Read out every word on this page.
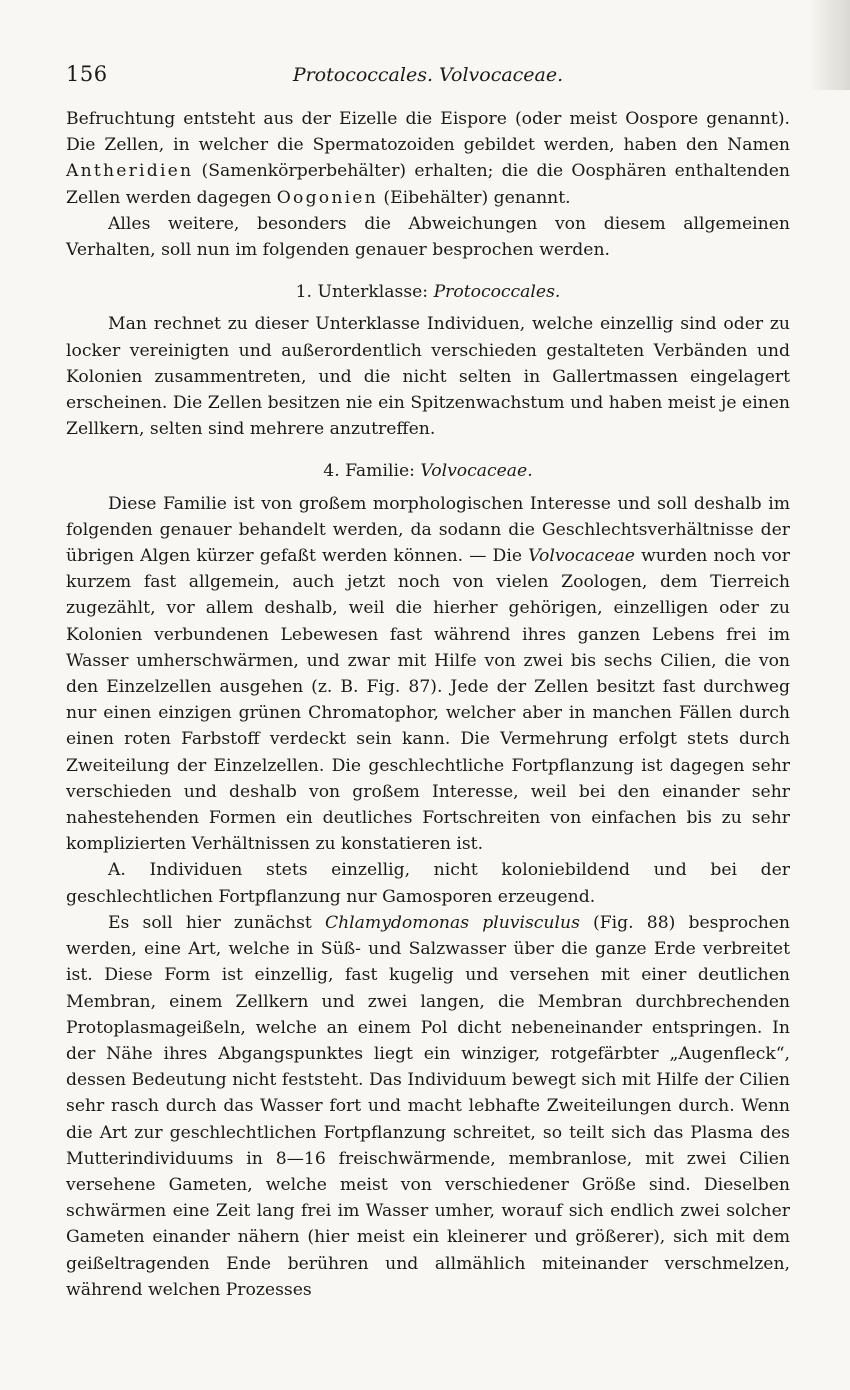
156	Protococcales. Volvocaceae.

Befruchtung entsteht aus der Eizelle die Eispore (oder meist Oospore genannt). Die Zellen, in welcher die Spermatozoiden gebildet werden, haben den Namen Antheridien (Samenkörperbehälter) erhalten; die die Oosphären enthaltenden Zellen werden dagegen Oogonien (Eibehälter) genannt.

Alles weitere, besonders die Abweichungen von diesem allgemeinen Verhalten, soll nun im folgenden genauer besprochen werden.

1. Unterklasse: Protococcales.

Man rechnet zu dieser Unterklasse Individuen, welche einzellig sind oder zu locker vereinigten und außerordentlich verschieden gestalteten Verbänden und Kolonien zusammentreten, und die nicht selten in Gallertmassen eingelagert erscheinen. Die Zellen besitzen nie ein Spitzenwachstum und haben meist je einen Zellkern, selten sind mehrere anzutreffen.

4. Familie: Volvocaceae.

Diese Familie ist von großem morphologischen Interesse und soll deshalb im folgenden genauer behandelt werden, da sodann die Geschlechtsverhältnisse der übrigen Algen kürzer gefaßt werden können. — Die Volvocaceae wurden noch vor kurzem fast allgemein, auch jetzt noch von vielen Zoologen, dem Tierreich zugezählt, vor allem deshalb, weil die hierher gehörigen, einzelligen oder zu Kolonien verbundenen Lebewesen fast während ihres ganzen Lebens frei im Wasser umherschwärmen, und zwar mit Hilfe von zwei bis sechs Cilien, die von den Einzelzellen ausgehen (z. B. Fig. 87). Jede der Zellen besitzt fast durchweg nur einen einzigen grünen Chromatophor, welcher aber in manchen Fällen durch einen roten Farbstoff verdeckt sein kann. Die Vermehrung erfolgt stets durch Zweiteilung der Einzelzellen. Die geschlechtliche Fortpflanzung ist dagegen sehr verschieden und deshalb von großem Interesse, weil bei den einander sehr nahestehenden Formen ein deutliches Fortschreiten von einfachen bis zu sehr komplizierten Verhältnissen zu konstatieren ist.

A. Individuen stets einzellig, nicht koloniebildend und bei der geschlechtlichen Fortpflanzung nur Gamosporen erzeugend.

Es soll hier zunächst Chlamydomonas pluvisculus (Fig. 88) besprochen werden, eine Art, welche in Süß- und Salzwasser über die ganze Erde verbreitet ist. Diese Form ist einzellig, fast kugelig und versehen mit einer deutlichen Membran, einem Zellkern und zwei langen, die Membran durchbrechenden Protoplasmageißeln, welche an einem Pol dicht nebeneinander entspringen. In der Nähe ihres Abgangspunktes liegt ein winziger, rotgefärbter „Augenfleck“, dessen Bedeutung nicht feststeht. Das Individuum bewegt sich mit Hilfe der Cilien sehr rasch durch das Wasser fort und macht lebhafte Zweiteilungen durch. Wenn die Art zur geschlechtlichen Fortpflanzung schreitet, so teilt sich das Plasma des Mutterindividuums in 8—16 freischwärmende, membranlose, mit zwei Cilien versehene Gameten, welche meist von verschiedener Größe sind. Dieselben schwärmen eine Zeit lang frei im Wasser umher, worauf sich endlich zwei solcher Gameten einander nähern (hier meist ein kleinerer und größerer), sich mit dem geißeltragenden Ende berühren und allmählich miteinander verschmelzen, während welchen Prozesses
